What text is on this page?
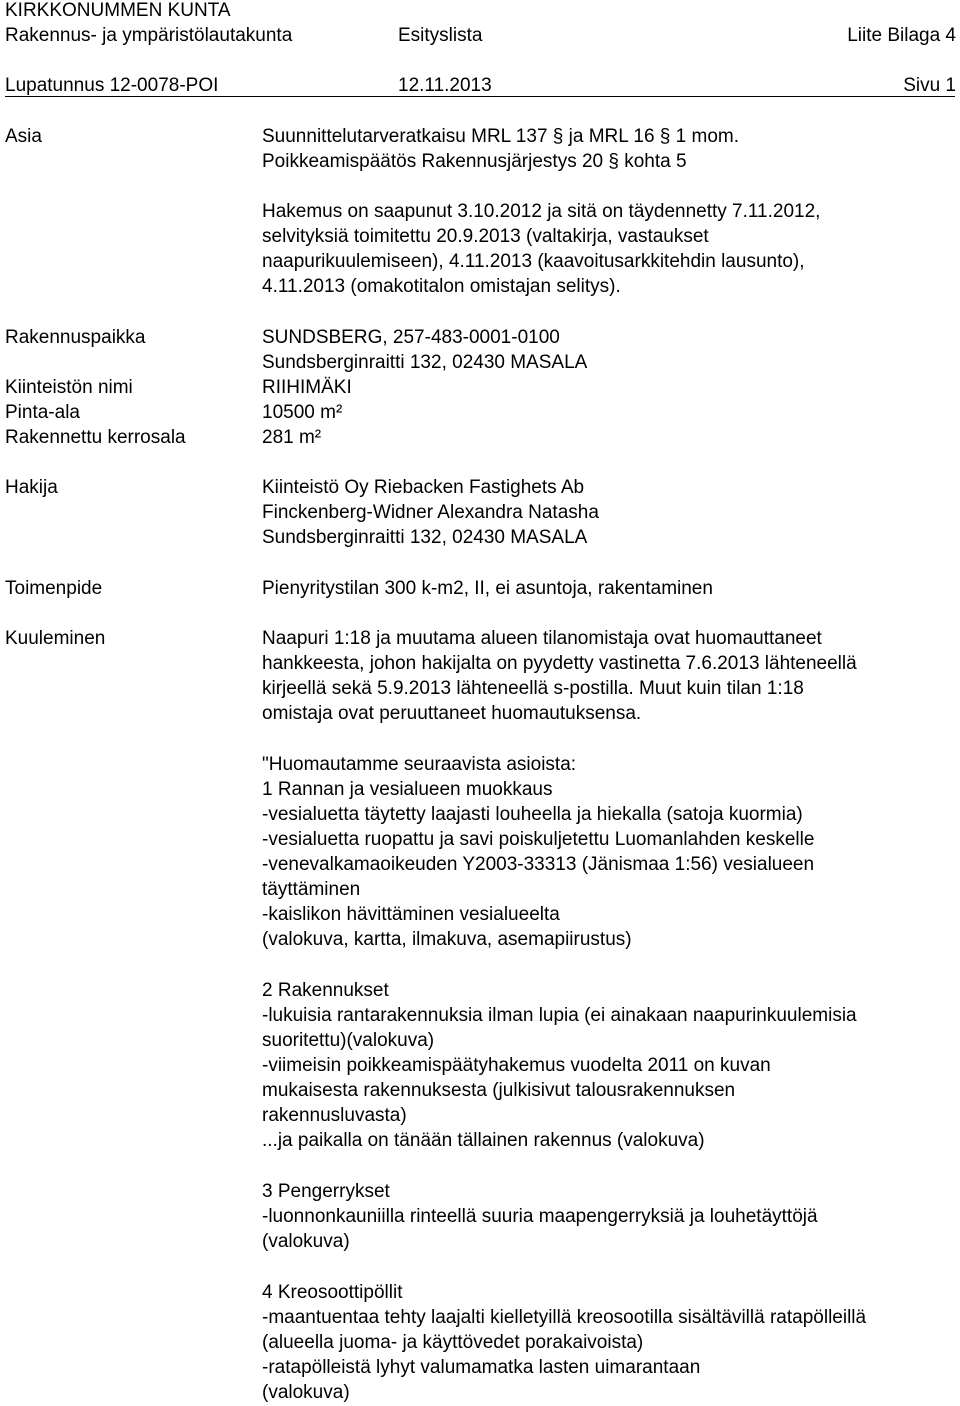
KIRKKONUMMEN KUNTA
Rakennus- ja ympäristölautakunta	Esityslista	Liite Bilaga 4
Lupatunnus 12-0078-POI	12.11.2013	Sivu 1
Asia	Suunnittelutarveratkaisu MRL 137 § ja MRL 16 § 1 mom.
Poikkeamispäätös Rakennusjärjestys 20 § kohta 5
Hakemus on saapunut 3.10.2012 ja sitä on täydennetty 7.11.2012,
selvityksiä toimitettu 20.9.2013 (valtakirja, vastaukset
naapurikuulemiseen), 4.11.2013 (kaavoitusarkkitehdin lausunto),
4.11.2013 (omakotitalon omistajan selitys).
Rakennuspaikka	SUNDSBERG, 257-483-0001-0100
Sundsberginraitti 132, 02430 MASALA
Kiinteistön nimi	RIIHIMÄKI
Pinta-ala	10500 m²
Rakennettu kerrosala	281 m²
Hakija	Kiinteistö Oy Riebacken Fastighets Ab
Finckenberg-Widner Alexandra Natasha
Sundsberginraitti 132, 02430 MASALA
Toimenpide	Pienyritystilan 300 k-m2, II, ei asuntoja, rakentaminen
Kuuleminen	Naapuri 1:18 ja muutama alueen tilanomistaja ovat huomauttaneet
hankkeesta, johon hakijalta on pyydetty vastinetta 7.6.2013 lähteneellä
kirjeellä sekä 5.9.2013 lähteneellä s-postilla. Muut kuin tilan 1:18
omistaja ovat peruuttaneet huomautuksensa.
"Huomautamme seuraavista asioista:
1 Rannan ja vesialueen muokkaus
-vesialuetta täytetty laajasti louheella ja hiekalla (satoja kuormia)
-vesialuetta ruopattu ja savi poiskuljetettu Luomanlahden keskelle
-venevalkamaoikeuden Y2003-33313 (Jänismaa 1:56) vesialueen
täyttäminen
-kaislikon hävittäminen vesialueelta
(valokuva, kartta, ilmakuva, asemapiirustus)
2 Rakennukset
-lukuisia rantarakennuksia ilman lupia (ei ainakaan naapurinkuulemisia
suoritettu)(valokuva)
-viimeisin poikkeamispäätyhakemus vuodelta 2011 on kuvan
mukaisesta rakennuksesta (julkisivut talousrakennuksen
rakennusluvasta)
...ja paikalla on tänään tällainen rakennus (valokuva)
3 Pengerrykset
-luonnonkauniilla rinteellä suuria maapengerryksiä ja louhetäyttöjä
(valokuva)
4 Kreosoottipöllit
-maantuentaa tehty laajalti kielletyillä kreosootilla sisältävillä ratapölleillä
(alueella juoma- ja käyttövedet porakaivoista)
-ratapölleistä lyhyt valumamatka lasten uimarantaan
(valokuva)
